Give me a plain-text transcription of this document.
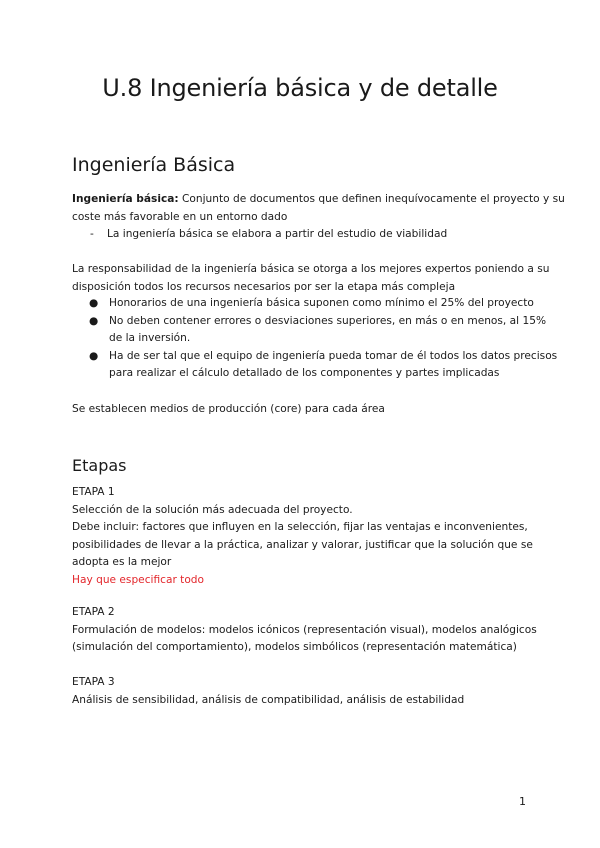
U.8 Ingeniería básica y de detalle
Ingeniería Básica

Ingeniería básica: Conjunto de documentos que definen inequívocamente el proyecto y su
coste más favorable en un entorno dado

- La ingeniería básica se elabora a partir del estudio de viabilidad

La responsabilidad de la ingeniería básica se otorga a los mejores expertos poniendo a su
disposición todos los recursos necesarios por ser la etapa más compleja

● Honorarios de una ingeniería básica suponen como mínimo el 25% del proyecto
● No deben contener errores o desviaciones superiores, en más o en menos, al 15%
de la inversión.
● Ha de ser tal que el equipo de ingeniería pueda tomar de él todos los datos precisos
para realizar el cálculo detallado de los componentes y partes implicadas

Se establecen medios de producción (core) para cada área

Etapas

ETAPA 1
Selección de la solución más adecuada del proyecto.
Debe incluir: factores que influyen en la selección, fijar las ventajas e inconvenientes,
posibilidades de llevar a la práctica, analizar y valorar, justificar que la solución que se
adopta es la mejor
Hay que especificar todo

ETAPA 2
Formulación de modelos: modelos icónicos (representación visual), modelos analógicos
(simulación del comportamiento), modelos simbólicos (representación matemática)

ETAPA 3
Análisis de sensibilidad, análisis de compatibilidad, análisis de estabilidad

1
